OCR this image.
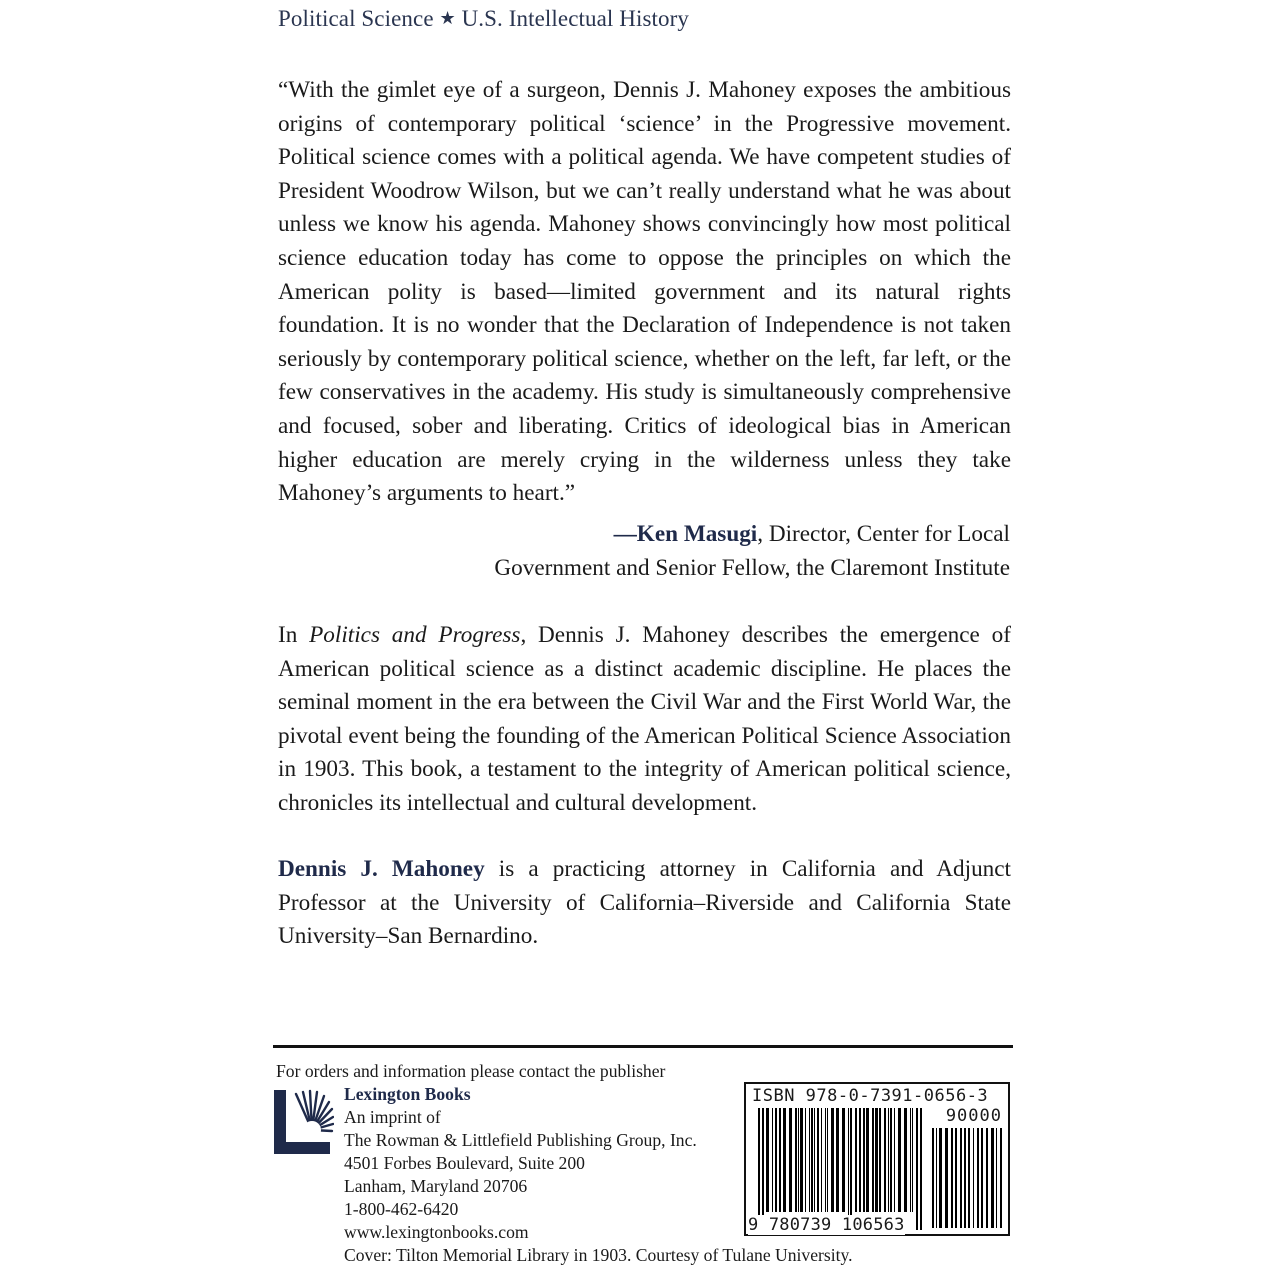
Political Science ★ U.S. Intellectual History

“With the gimlet eye of a surgeon, Dennis J. Mahoney exposes the ambitious origins of contemporary political ‘science’ in the Progressive movement. Political science comes with a political agenda. We have competent studies of President Woodrow Wilson, but we can’t really understand what he was about unless we know his agenda. Mahoney shows convincingly how most political science education today has come to oppose the principles on which the American polity is based—limited government and its natural rights foundation. It is no wonder that the Declaration of Independence is not taken seriously by contemporary political science, whether on the left, far left, or the few conservatives in the academy. His study is simultaneously comprehensive and focused, sober and liberating. Critics of ideological bias in American higher education are merely crying in the wilderness unless they take Mahoney’s arguments to heart.”

—Ken Masugi, Director, Center for Local
Government and Senior Fellow, the Claremont Institute

In Politics and Progress, Dennis J. Mahoney describes the emergence of American political science as a distinct academic discipline. He places the seminal moment in the era between the Civil War and the First World War, the pivotal event being the founding of the American Political Science Association in 1903. This book, a testament to the integrity of American political science, chronicles its intellectual and cultural development.

Dennis J. Mahoney is a practicing attorney in California and Adjunct Professor at the University of California–Riverside and California State University–San Bernardino.

For orders and information please contact the publisher
Lexington Books
An imprint of
The Rowman & Littlefield Publishing Group, Inc.
4501 Forbes Boulevard, Suite 200
Lanham, Maryland 20706
1-800-462-6420
www.lexingtonbooks.com
Cover: Tilton Memorial Library in 1903. Courtesy of Tulane University.
ISBN 978-0-7391-0656-3
90000
9 780739 106563
